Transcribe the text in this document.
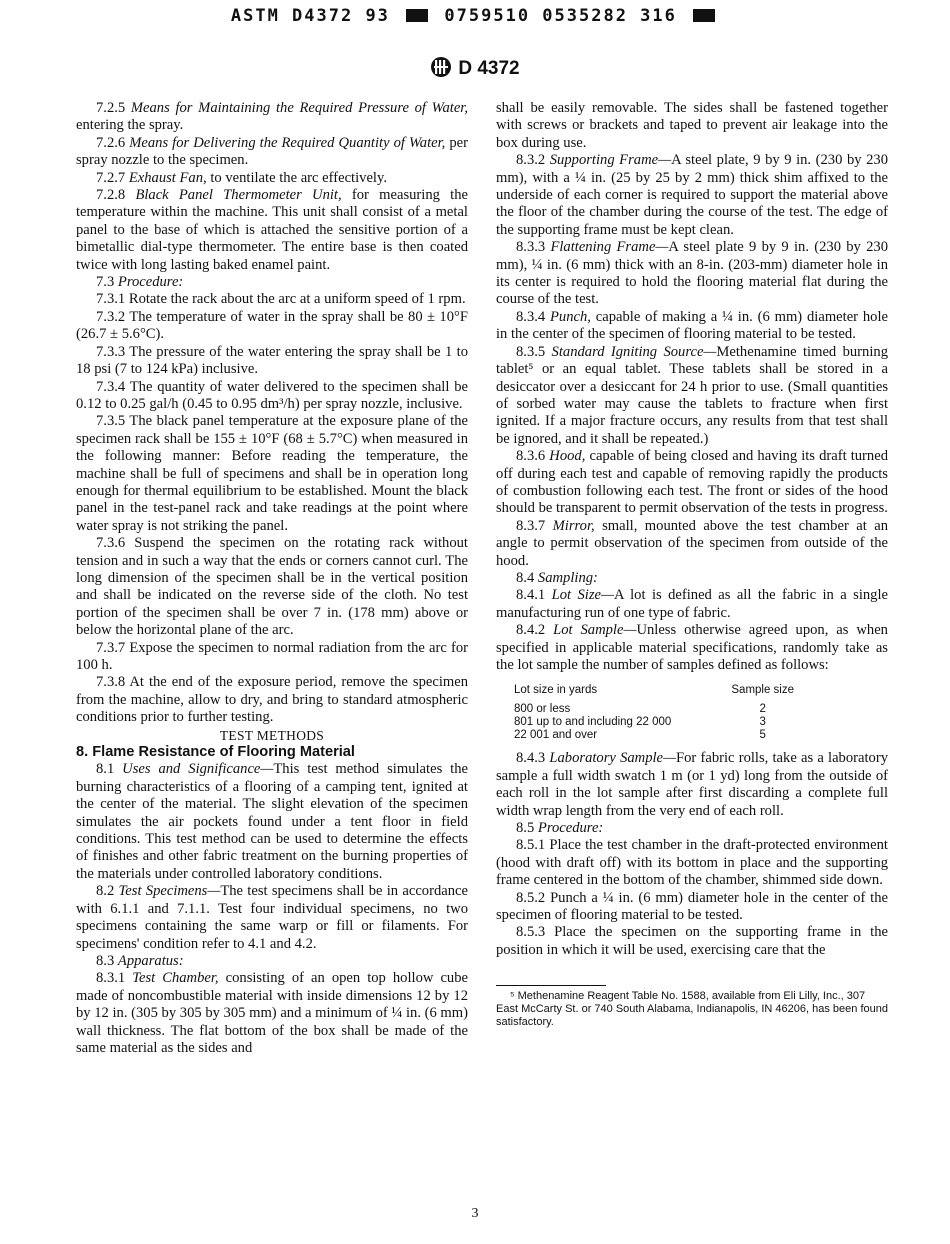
ASTM D4372 93	0759510 0535282 316
D 4372

7.2.5 Means for Maintaining the Required Pressure of Water, entering the spray.

7.2.6 Means for Delivering the Required Quantity of Water, per spray nozzle to the specimen.

7.2.7 Exhaust Fan, to ventilate the arc effectively.

7.2.8 Black Panel Thermometer Unit, for measuring the temperature within the machine. This unit shall consist of a metal panel to the base of which is attached the sensitive portion of a bimetallic dial-type thermometer. The entire base is then coated twice with long lasting baked enamel paint.

7.3 Procedure:

7.3.1 Rotate the rack about the arc at a uniform speed of 1 rpm.

7.3.2 The temperature of water in the spray shall be 80 ± 10°F (26.7 ± 5.6°C).

7.3.3 The pressure of the water entering the spray shall be 1 to 18 psi (7 to 124 kPa) inclusive.

7.3.4 The quantity of water delivered to the specimen shall be 0.12 to 0.25 gal/h (0.45 to 0.95 dm³/h) per spray nozzle, inclusive.

7.3.5 The black panel temperature at the exposure plane of the specimen rack shall be 155 ± 10°F (68 ± 5.7°C) when measured in the following manner: Before reading the temperature, the machine shall be full of specimens and shall be in operation long enough for thermal equilibrium to be established. Mount the black panel in the test-panel rack and take readings at the point where water spray is not striking the panel.

7.3.6 Suspend the specimen on the rotating rack without tension and in such a way that the ends or corners cannot curl. The long dimension of the specimen shall be in the vertical position and shall be indicated on the reverse side of the cloth. No test portion of the specimen shall be over 7 in. (178 mm) above or below the horizontal plane of the arc.

7.3.7 Expose the specimen to normal radiation from the arc for 100 h.

7.3.8 At the end of the exposure period, remove the specimen from the machine, allow to dry, and bring to standard atmospheric conditions prior to further testing.

TEST METHODS

8. Flame Resistance of Flooring Material

8.1 Uses and Significance—This test method simulates the burning characteristics of a flooring of a camping tent, ignited at the center of the material. The slight elevation of the specimen simulates the air pockets found under a tent floor in field conditions. This test method can be used to determine the effects of finishes and other fabric treatment on the burning properties of the materials under controlled laboratory conditions.

8.2 Test Specimens—The test specimens shall be in accordance with 6.1.1 and 7.1.1. Test four individual specimens, no two specimens containing the same warp or fill or filaments. For specimens' condition refer to 4.1 and 4.2.

8.3 Apparatus:

8.3.1 Test Chamber, consisting of an open top hollow cube made of noncombustible material with inside dimensions 12 by 12 by 12 in. (305 by 305 by 305 mm) and a minimum of ¼ in. (6 mm) wall thickness. The flat bottom of the box shall be made of the same material as the sides and

shall be easily removable. The sides shall be fastened together with screws or brackets and taped to prevent air leakage into the box during use.

8.3.2 Supporting Frame—A steel plate, 9 by 9 in. (230 by 230 mm), with a ¼ in. (25 by 25 by 2 mm) thick shim affixed to the underside of each corner is required to support the material above the floor of the chamber during the course of the test. The edge of the supporting frame must be kept clean.

8.3.3 Flattening Frame—A steel plate 9 by 9 in. (230 by 230 mm), ¼ in. (6 mm) thick with an 8-in. (203-mm) diameter hole in its center is required to hold the flooring material flat during the course of the test.

8.3.4 Punch, capable of making a ¼ in. (6 mm) diameter hole in the center of the specimen of flooring material to be tested.

8.3.5 Standard Igniting Source—Methenamine timed burning tablet⁵ or an equal tablet. These tablets shall be stored in a desiccator over a desiccant for 24 h prior to use. (Small quantities of sorbed water may cause the tablets to fracture when first ignited. If a major fracture occurs, any results from that test shall be ignored, and it shall be repeated.)

8.3.6 Hood, capable of being closed and having its draft turned off during each test and capable of removing rapidly the products of combustion following each test. The front or sides of the hood should be transparent to permit observation of the tests in progress.

8.3.7 Mirror, small, mounted above the test chamber at an angle to permit observation of the specimen from outside of the hood.

8.4 Sampling:

8.4.1 Lot Size—A lot is defined as all the fabric in a single manufacturing run of one type of fabric.

8.4.2 Lot Sample—Unless otherwise agreed upon, as when specified in applicable material specifications, randomly take as the lot sample the number of samples defined as follows:

Lot size in yards	Sample size
800 or less	2
801 up to and including 22 000	3
22 001 and over	5

8.4.3 Laboratory Sample—For fabric rolls, take as a laboratory sample a full width swatch 1 m (or 1 yd) long from the outside of each roll in the lot sample after first discarding a complete full width wrap length from the very end of each roll.

8.5 Procedure:

8.5.1 Place the test chamber in the draft-protected environment (hood with draft off) with its bottom in place and the supporting frame centered in the bottom of the chamber, shimmed side down.

8.5.2 Punch a ¼ in. (6 mm) diameter hole in the center of the specimen of flooring material to be tested.

8.5.3 Place the specimen on the supporting frame in the position in which it will be used, exercising care that the

⁵ Methenamine Reagent Table No. 1588, available from Eli Lilly, Inc., 307 East McCarty St. or 740 South Alabama, Indianapolis, IN 46206, has been found satisfactory.
3
